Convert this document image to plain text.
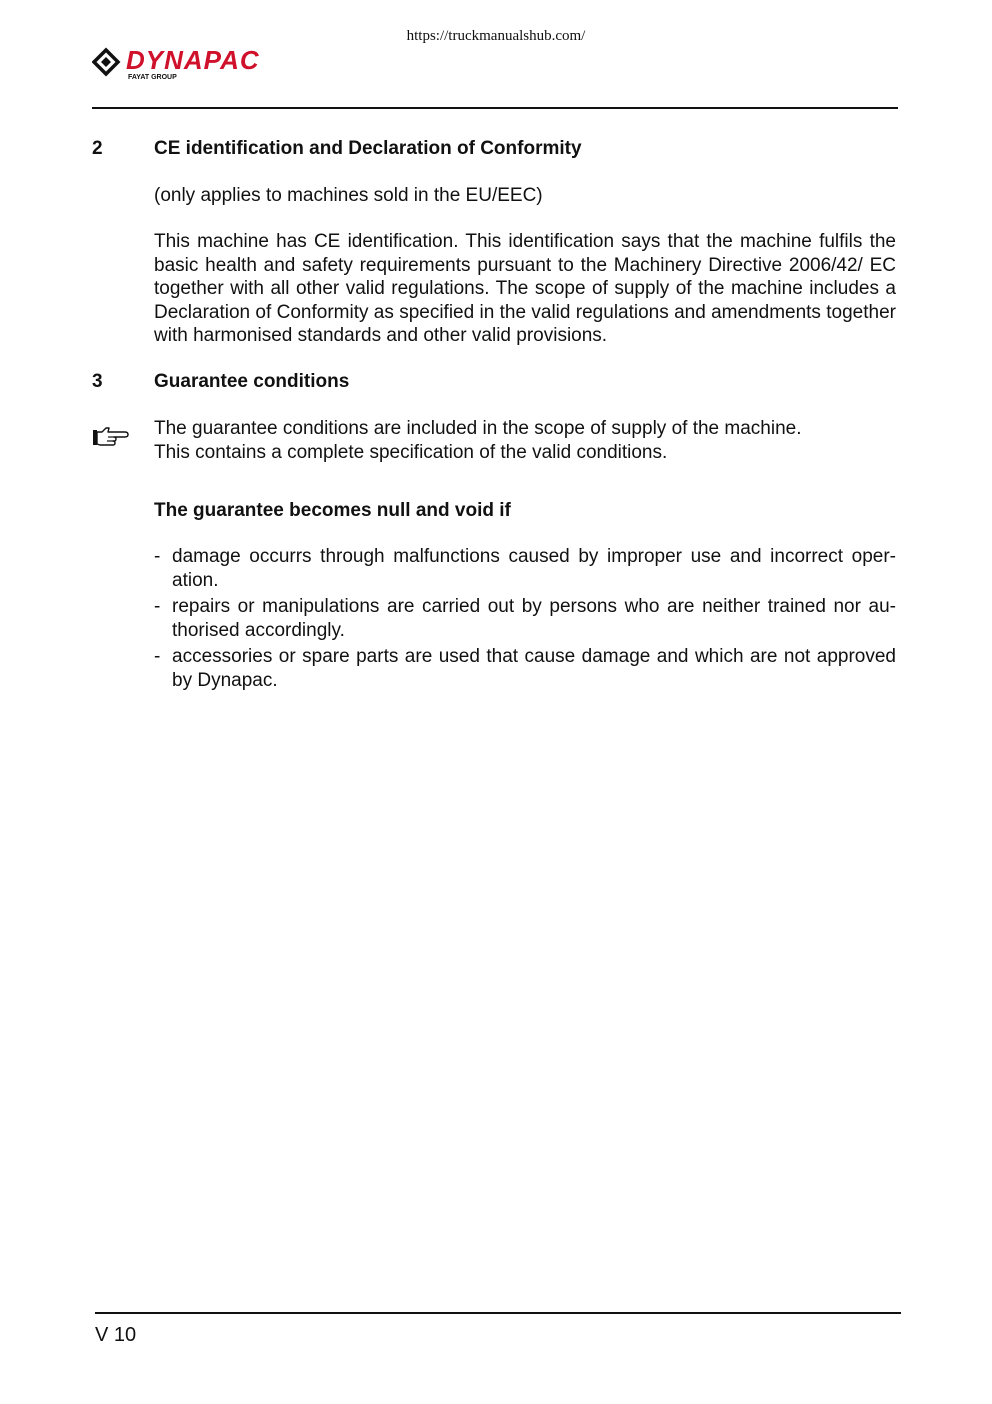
https://truckmanualshub.com/
DYNAPAC
FAYAT GROUP
2	CE identification and Declaration of Conformity
(only applies to machines sold in the EU/EEC)
This machine has CE identification. This identification says that the machine fulfils the basic health and safety requirements pursuant to the Machinery Directive 2006/42/ EC together with all other valid regulations. The scope of supply of the machine includes a Declaration of Conformity as specified in the valid regulations and amendments together with harmonised standards and other valid provisions.
3	Guarantee conditions
The guarantee conditions are included in the scope of supply of the machine.
This contains a complete specification of the valid conditions.
The guarantee becomes null and void if
- damage occurrs through malfunctions caused by improper use and incorrect operation.
- repairs or manipulations are carried out by persons who are neither trained nor authorised accordingly.
- accessories or spare parts are used that cause damage and which are not approved by Dynapac.
V 10
